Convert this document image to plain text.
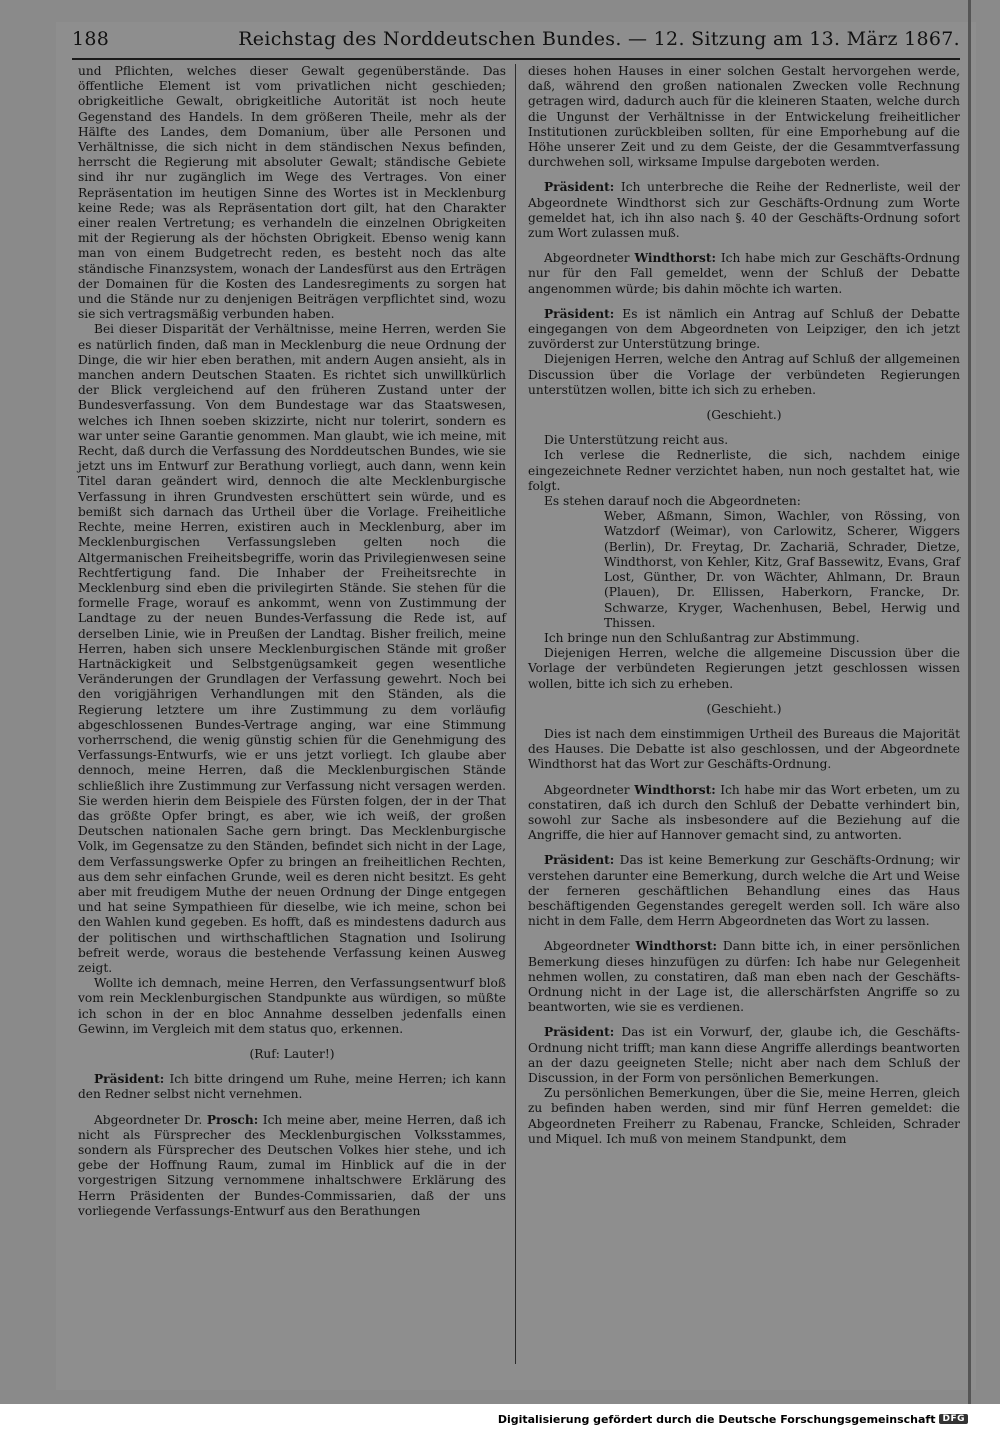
188	Reichstag des Norddeutschen Bundes. — 12. Sitzung am 13. März 1867.

und Pflichten, welches dieser Gewalt gegenüberstände. Das öffentliche Element ist vom privatlichen nicht geschieden; obrigkeitliche Gewalt, obrigkeitliche Autorität ist noch heute Gegenstand des Handels. In dem größeren Theile, mehr als der Hälfte des Landes, dem Domanium, über alle Personen und Verhältnisse, die sich nicht in dem ständischen Nexus befinden, herrscht die Regierung mit absoluter Gewalt; ständische Gebiete sind ihr nur zugänglich im Wege des Vertrages. Von einer Repräsentation im heutigen Sinne des Wortes ist in Mecklenburg keine Rede; was als Repräsentation dort gilt, hat den Charakter einer realen Vertretung; es verhandeln die einzelnen Obrigkeiten mit der Regierung als der höchsten Obrigkeit. Ebenso wenig kann man von einem Budgetrecht reden, es besteht noch das alte ständische Finanzsystem, wonach der Landesfürst aus den Erträgen der Domainen für die Kosten des Landesregiments zu sorgen hat und die Stände nur zu denjenigen Beiträgen verpflichtet sind, wozu sie sich vertragsmäßig verbunden haben.

Bei dieser Disparität der Verhältnisse, meine Herren, werden Sie es natürlich finden, daß man in Mecklenburg die neue Ordnung der Dinge, die wir hier eben berathen, mit andern Augen ansieht, als in manchen andern Deutschen Staaten. Es richtet sich unwillkürlich der Blick vergleichend auf den früheren Zustand unter der Bundesverfassung. Von dem Bundestage war das Staatswesen, welches ich Ihnen soeben skizzirte, nicht nur tolerirt, sondern es war unter seine Garantie genommen. Man glaubt, wie ich meine, mit Recht, daß durch die Verfassung des Norddeutschen Bundes, wie sie jetzt uns im Entwurf zur Berathung vorliegt, auch dann, wenn kein Titel daran geändert wird, dennoch die alte Mecklenburgische Verfassung in ihren Grundvesten erschüttert sein würde, und es bemißt sich darnach das Urtheil über die Vorlage. Freiheitliche Rechte, meine Herren, existiren auch in Mecklenburg, aber im Mecklenburgischen Verfassungsleben gelten noch die Altgermanischen Freiheitsbegriffe, worin das Privilegienwesen seine Rechtfertigung fand. Die Inhaber der Freiheitsrechte in Mecklenburg sind eben die privilegirten Stände. Sie stehen für die formelle Frage, worauf es ankommt, wenn von Zustimmung der Landtage zu der neuen Bundes-Verfassung die Rede ist, auf derselben Linie, wie in Preußen der Landtag. Bisher freilich, meine Herren, haben sich unsere Mecklenburgischen Stände mit großer Hartnäckigkeit und Selbstgenügsamkeit gegen wesentliche Veränderungen der Grundlagen der Verfassung gewehrt. Noch bei den vorigjährigen Verhandlungen mit den Ständen, als die Regierung letztere um ihre Zustimmung zu dem vorläufig abgeschlossenen Bundes-Vertrage anging, war eine Stimmung vorherrschend, die wenig günstig schien für die Genehmigung des Verfassungs-Entwurfs, wie er uns jetzt vorliegt. Ich glaube aber dennoch, meine Herren, daß die Mecklenburgischen Stände schließlich ihre Zustimmung zur Verfassung nicht versagen werden. Sie werden hierin dem Beispiele des Fürsten folgen, der in der That das größte Opfer bringt, es aber, wie ich weiß, der großen Deutschen nationalen Sache gern bringt. Das Mecklenburgische Volk, im Gegensatze zu den Ständen, befindet sich nicht in der Lage, dem Verfassungswerke Opfer zu bringen an freiheitlichen Rechten, aus dem sehr einfachen Grunde, weil es deren nicht besitzt. Es geht aber mit freudigem Muthe der neuen Ordnung der Dinge entgegen und hat seine Sympathieen für dieselbe, wie ich meine, schon bei den Wahlen kund gegeben. Es hofft, daß es mindestens dadurch aus der politischen und wirthschaftlichen Stagnation und Isolirung befreit werde, woraus die bestehende Verfassung keinen Ausweg zeigt.

Wollte ich demnach, meine Herren, den Verfassungsentwurf bloß vom rein Mecklenburgischen Standpunkte aus würdigen, so müßte ich schon in der en bloc Annahme desselben jedenfalls einen Gewinn, im Vergleich mit dem status quo, erkennen.

(Ruf: Lauter!)

Präsident: Ich bitte dringend um Ruhe, meine Herren; ich kann den Redner selbst nicht vernehmen.

Abgeordneter Dr. Prosch: Ich meine aber, meine Herren, daß ich nicht als Fürsprecher des Mecklenburgischen Volksstammes, sondern als Fürsprecher des Deutschen Volkes hier stehe, und ich gebe der Hoffnung Raum, zumal im Hinblick auf die in der vorgestrigen Sitzung vernommene inhaltschwere Erklärung des Herrn Präsidenten der Bundes-Commissarien, daß der uns vorliegende Verfassungs-Entwurf aus den Berathungen

dieses hohen Hauses in einer solchen Gestalt hervorgehen werde, daß, während den großen nationalen Zwecken volle Rechnung getragen wird, dadurch auch für die kleineren Staaten, welche durch die Ungunst der Verhältnisse in der Entwickelung freiheitlicher Institutionen zurückbleiben sollten, für eine Emporhebung auf die Höhe unserer Zeit und zu dem Geiste, der die Gesammtverfassung durchwehen soll, wirksame Impulse dargeboten werden.

Präsident: Ich unterbreche die Reihe der Rednerliste, weil der Abgeordnete Windthorst sich zur Geschäfts-Ordnung zum Worte gemeldet hat, ich ihn also nach §. 40 der Geschäfts-Ordnung sofort zum Wort zulassen muß.

Abgeordneter Windthorst: Ich habe mich zur Geschäfts-Ordnung nur für den Fall gemeldet, wenn der Schluß der Debatte angenommen würde; bis dahin möchte ich warten.

Präsident: Es ist nämlich ein Antrag auf Schluß der Debatte eingegangen von dem Abgeordneten von Leipziger, den ich jetzt zuvörderst zur Unterstützung bringe.

Diejenigen Herren, welche den Antrag auf Schluß der allgemeinen Discussion über die Vorlage der verbündeten Regierungen unterstützen wollen, bitte ich sich zu erheben.

(Geschieht.)

Die Unterstützung reicht aus.

Ich verlese die Rednerliste, die sich, nachdem einige eingezeichnete Redner verzichtet haben, nun noch gestaltet hat, wie folgt.

Es stehen darauf noch die Abgeordneten:

Weber, Aßmann, Simon, Wachler, von Rössing, von Watzdorf (Weimar), von Carlowitz, Scherer, Wiggers (Berlin), Dr. Freytag, Dr. Zachariä, Schrader, Dietze, Windthorst, von Kehler, Kitz, Graf Bassewitz, Evans, Graf Lost, Günther, Dr. von Wächter, Ahlmann, Dr. Braun (Plauen), Dr. Ellissen, Haberkorn, Francke, Dr. Schwarze, Kryger, Wachenhusen, Bebel, Herwig und Thissen.

Ich bringe nun den Schlußantrag zur Abstimmung.

Diejenigen Herren, welche die allgemeine Discussion über die Vorlage der verbündeten Regierungen jetzt geschlossen wissen wollen, bitte ich sich zu erheben.

(Geschieht.)

Dies ist nach dem einstimmigen Urtheil des Bureaus die Majorität des Hauses. Die Debatte ist also geschlossen, und der Abgeordnete Windthorst hat das Wort zur Geschäfts-Ordnung.

Abgeordneter Windthorst: Ich habe mir das Wort erbeten, um zu constatiren, daß ich durch den Schluß der Debatte verhindert bin, sowohl zur Sache als insbesondere auf die Beziehung auf die Angriffe, die hier auf Hannover gemacht sind, zu antworten.

Präsident: Das ist keine Bemerkung zur Geschäfts-Ordnung; wir verstehen darunter eine Bemerkung, durch welche die Art und Weise der ferneren geschäftlichen Behandlung eines das Haus beschäftigenden Gegenstandes geregelt werden soll. Ich wäre also nicht in dem Falle, dem Herrn Abgeordneten das Wort zu lassen.

Abgeordneter Windthorst: Dann bitte ich, in einer persönlichen Bemerkung dieses hinzufügen zu dürfen: Ich habe nur Gelegenheit nehmen wollen, zu constatiren, daß man eben nach der Geschäfts-Ordnung nicht in der Lage ist, die allerschärfsten Angriffe so zu beantworten, wie sie es verdienen.

Präsident: Das ist ein Vorwurf, der, glaube ich, die Geschäfts-Ordnung nicht trifft; man kann diese Angriffe allerdings beantworten an der dazu geeigneten Stelle; nicht aber nach dem Schluß der Discussion, in der Form von persönlichen Bemerkungen.

Zu persönlichen Bemerkungen, über die Sie, meine Herren, gleich zu befinden haben werden, sind mir fünf Herren gemeldet: die Abgeordneten Freiherr zu Rabenau, Francke, Schleiden, Schrader und Miquel. Ich muß von meinem Standpunkt, dem

Digitalisierung gefördert durch die Deutsche Forschungsgemeinschaft DFG
